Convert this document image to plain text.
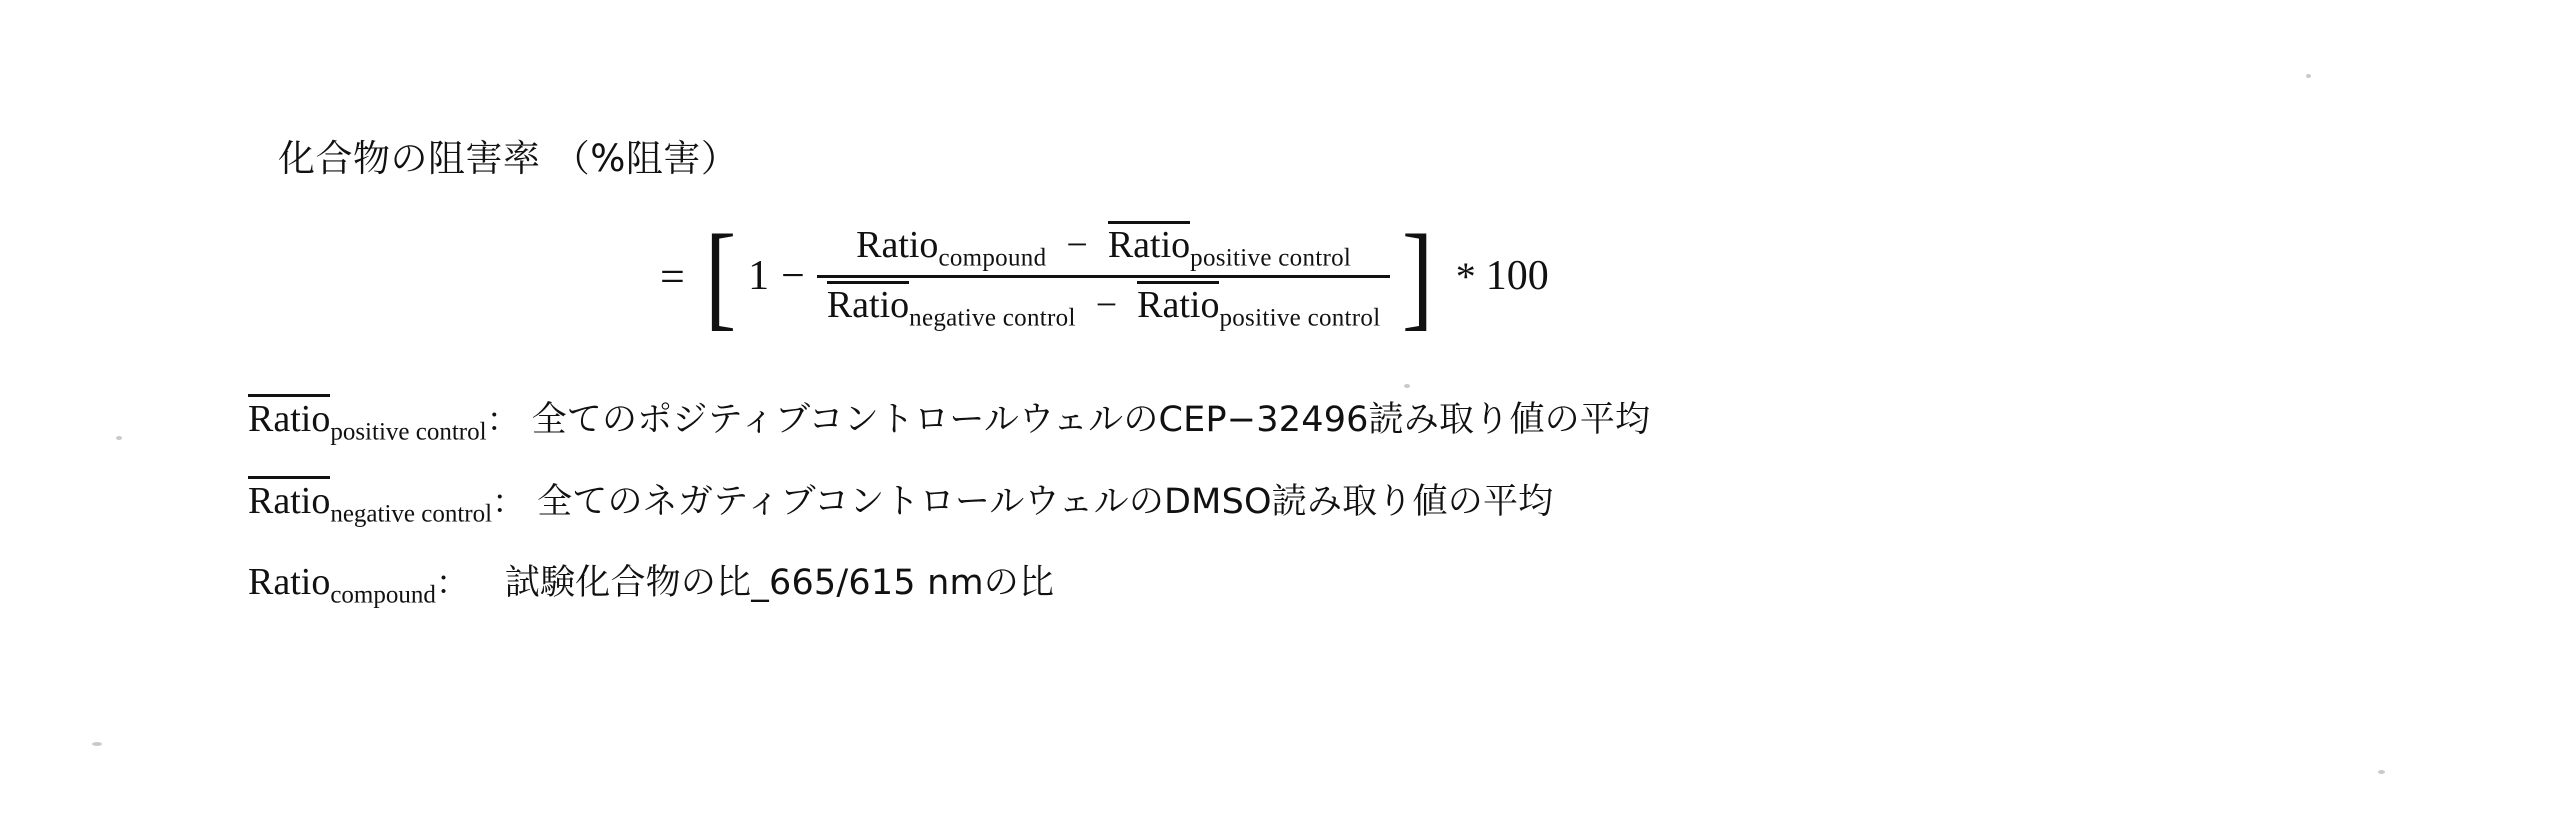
化合物の阻害率 （%阻害）
= [ 1 −
Ratio$_{compound}$ − Ratio$_{positive control}$
Ratio$_{negative control}$ − Ratio$_{positive control}$ ] * 100
Ratio$_{positive control}$ ： 全てのポジティブコントロールウェルのCEP−32496読み取り値の平均
Ratio$_{negative control}$ ： 全てのネガティブコントロールウェルのDMSO読み取り値の平均
Ratio$_{compound}$ ： 試験化合物の比_665/615 nmの比
